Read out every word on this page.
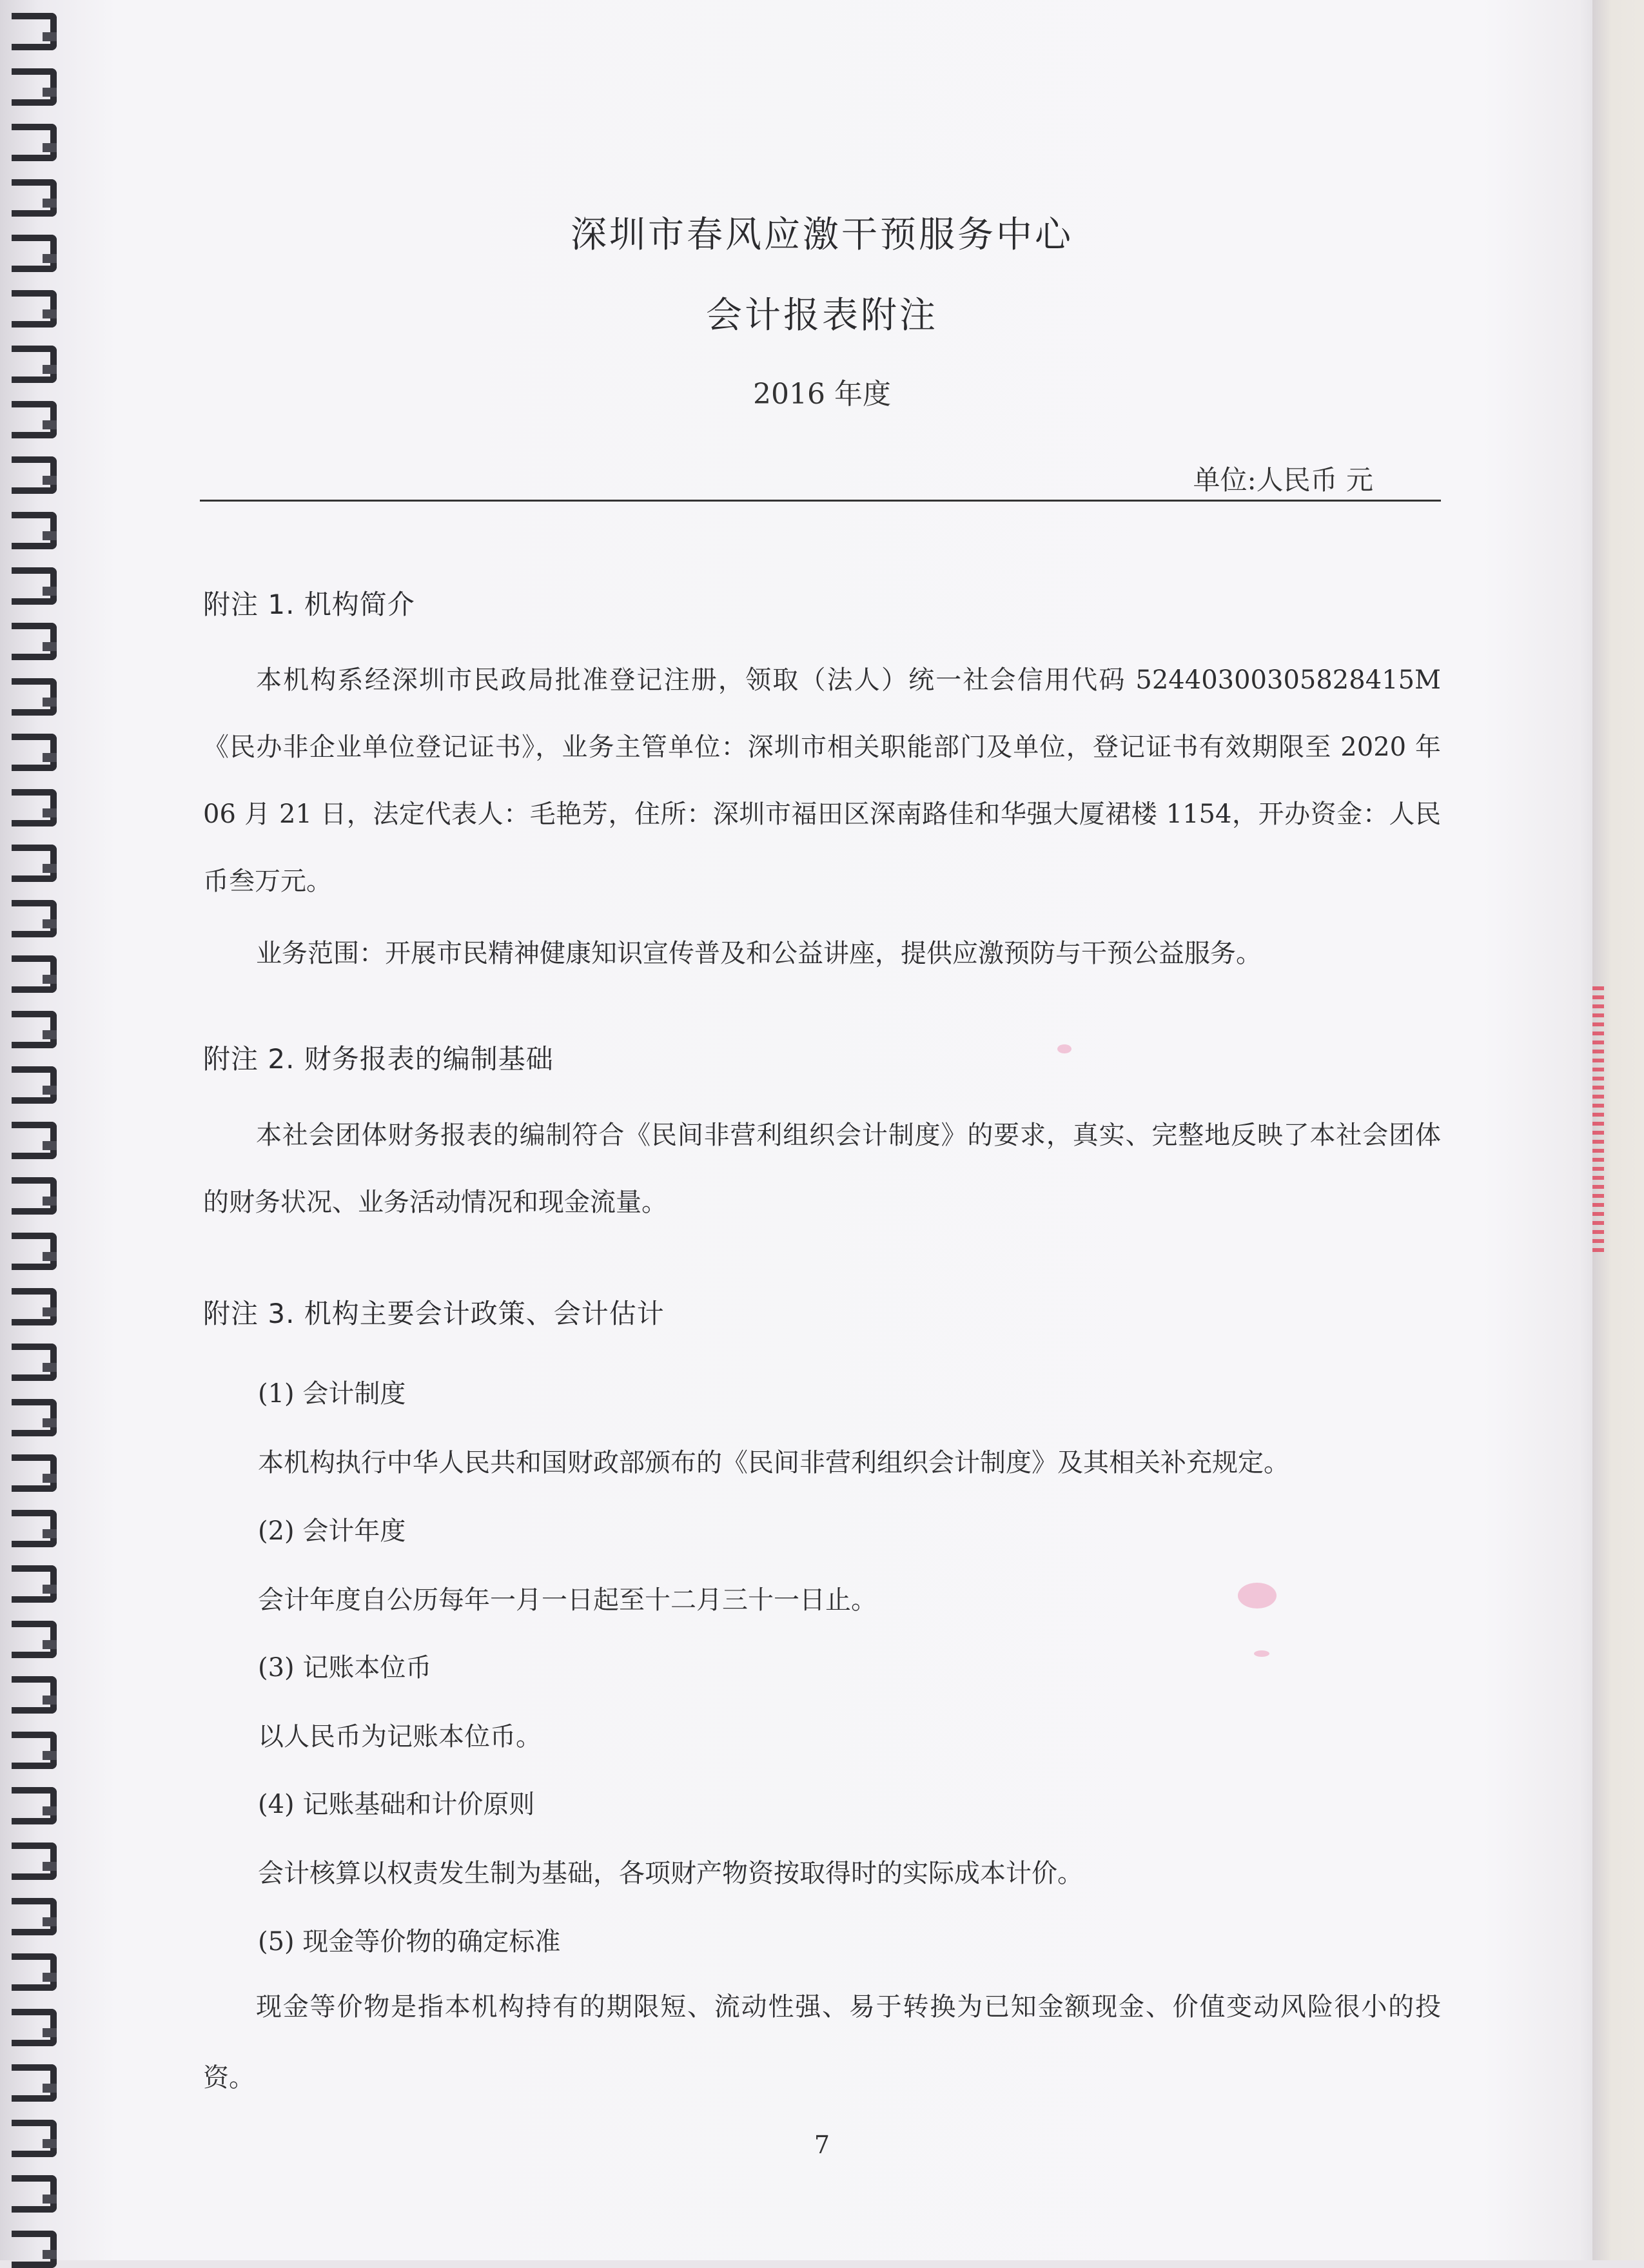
深圳市春风应激干预服务中心
会计报表附注
2016 年度
单位:人民币 元
附注 1. 机构简介
本机构系经深圳市民政局批准登记注册，领取（法人）统一社会信用代码 52440300305828415M《民办非企业单位登记证书》，业务主管单位：深圳市相关职能部门及单位，登记证书有效期限至 2020 年 06 月 21 日，法定代表人：毛艳芳，住所：深圳市福田区深南路佳和华强大厦裙楼 1154，开办资金：人民币叁万元。
业务范围：开展市民精神健康知识宣传普及和公益讲座，提供应激预防与干预公益服务。
附注 2. 财务报表的编制基础
本社会团体财务报表的编制符合《民间非营利组织会计制度》的要求，真实、完整地反映了本社会团体的财务状况、业务活动情况和现金流量。
附注 3. 机构主要会计政策、会计估计
(1) 会计制度
本机构执行中华人民共和国财政部颁布的《民间非营利组织会计制度》及其相关补充规定。
(2) 会计年度
会计年度自公历每年一月一日起至十二月三十一日止。
(3) 记账本位币
以人民币为记账本位币。
(4) 记账基础和计价原则
会计核算以权责发生制为基础，各项财产物资按取得时的实际成本计价。
(5) 现金等价物的确定标准
现金等价物是指本机构持有的期限短、流动性强、易于转换为已知金额现金、价值变动风险很小的投资。
7
